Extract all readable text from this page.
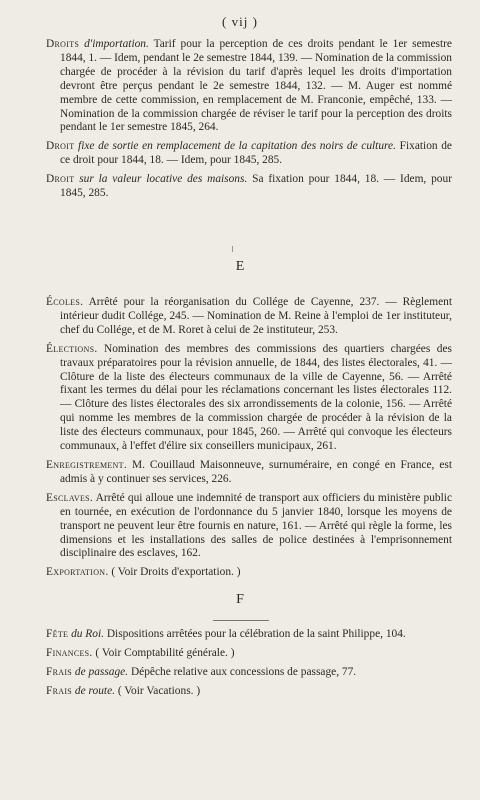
( vij )

Droits d'importation. Tarif pour la perception de ces droits pendant le 1er semestre 1844, 1. — Idem, pendant le 2e semestre 1844, 139. — Nomination de la commission chargée de procéder à la révision du tarif d'après lequel les droits d'importation devront être perçus pendant le 2e semestre 1844, 132. — M. Auger est nommé membre de cette commission, en remplacement de M. Franconie, empêché, 133. — Nomination de la commission chargée de réviser le tarif pour la perception des droits pendant le 1er semestre 1845, 264.

Droit fixe de sortie en remplacement de la capitation des noirs de culture. Fixation de ce droit pour 1844, 18. — Idem, pour 1845, 285.

Droit sur la valeur locative des maisons. Sa fixation pour 1844, 18. — Idem, pour 1845, 285.

E

Écoles. Arrêté pour la réorganisation du Collége de Cayenne, 237. — Règlement intérieur dudit Collége, 245. — Nomination de M. Reine à l'emploi de 1er instituteur, chef du Collége, et de M. Roret à celui de 2e instituteur, 253.

Élections. Nomination des membres des commissions des quartiers chargées des travaux préparatoires pour la révision annuelle, de 1844, des listes électorales, 41. — Clôture de la liste des électeurs communaux de la ville de Cayenne, 56. — Arrêté fixant les termes du délai pour les réclamations concernant les listes électorales 112. — Clôture des listes électorales des six arrondissements de la colonie, 156. — Arrêté qui nomme les membres de la commission chargée de procéder à la révision de la liste des électeurs communaux, pour 1845, 260. — Arrêté qui convoque les électeurs communaux, à l'effet d'élire six conseillers municipaux, 261.

Enregistrement. M. Couillaud Maisonneuve, surnuméraire, en congé en France, est admis à y continuer ses services, 226.

Esclaves. Arrêté qui alloue une indemnité de transport aux officiers du ministère public en tournée, en exécution de l'ordonnance du 5 janvier 1840, lorsque les moyens de transport ne peuvent leur être fournis en nature, 161. — Arrêté qui règle la forme, les dimensions et les installations des salles de police destinées à l'emprisonnement disciplinaire des esclaves, 162.

Exportation. ( Voir Droits d'exportation. )

F

Fête du Roi. Dispositions arrêtées pour la célébration de la saint Philippe, 104.

Finances. ( Voir Comptabilité générale. )

Frais de passage. Dépêche relative aux concessions de passage, 77.

Frais de route. ( Voir Vacations. )
